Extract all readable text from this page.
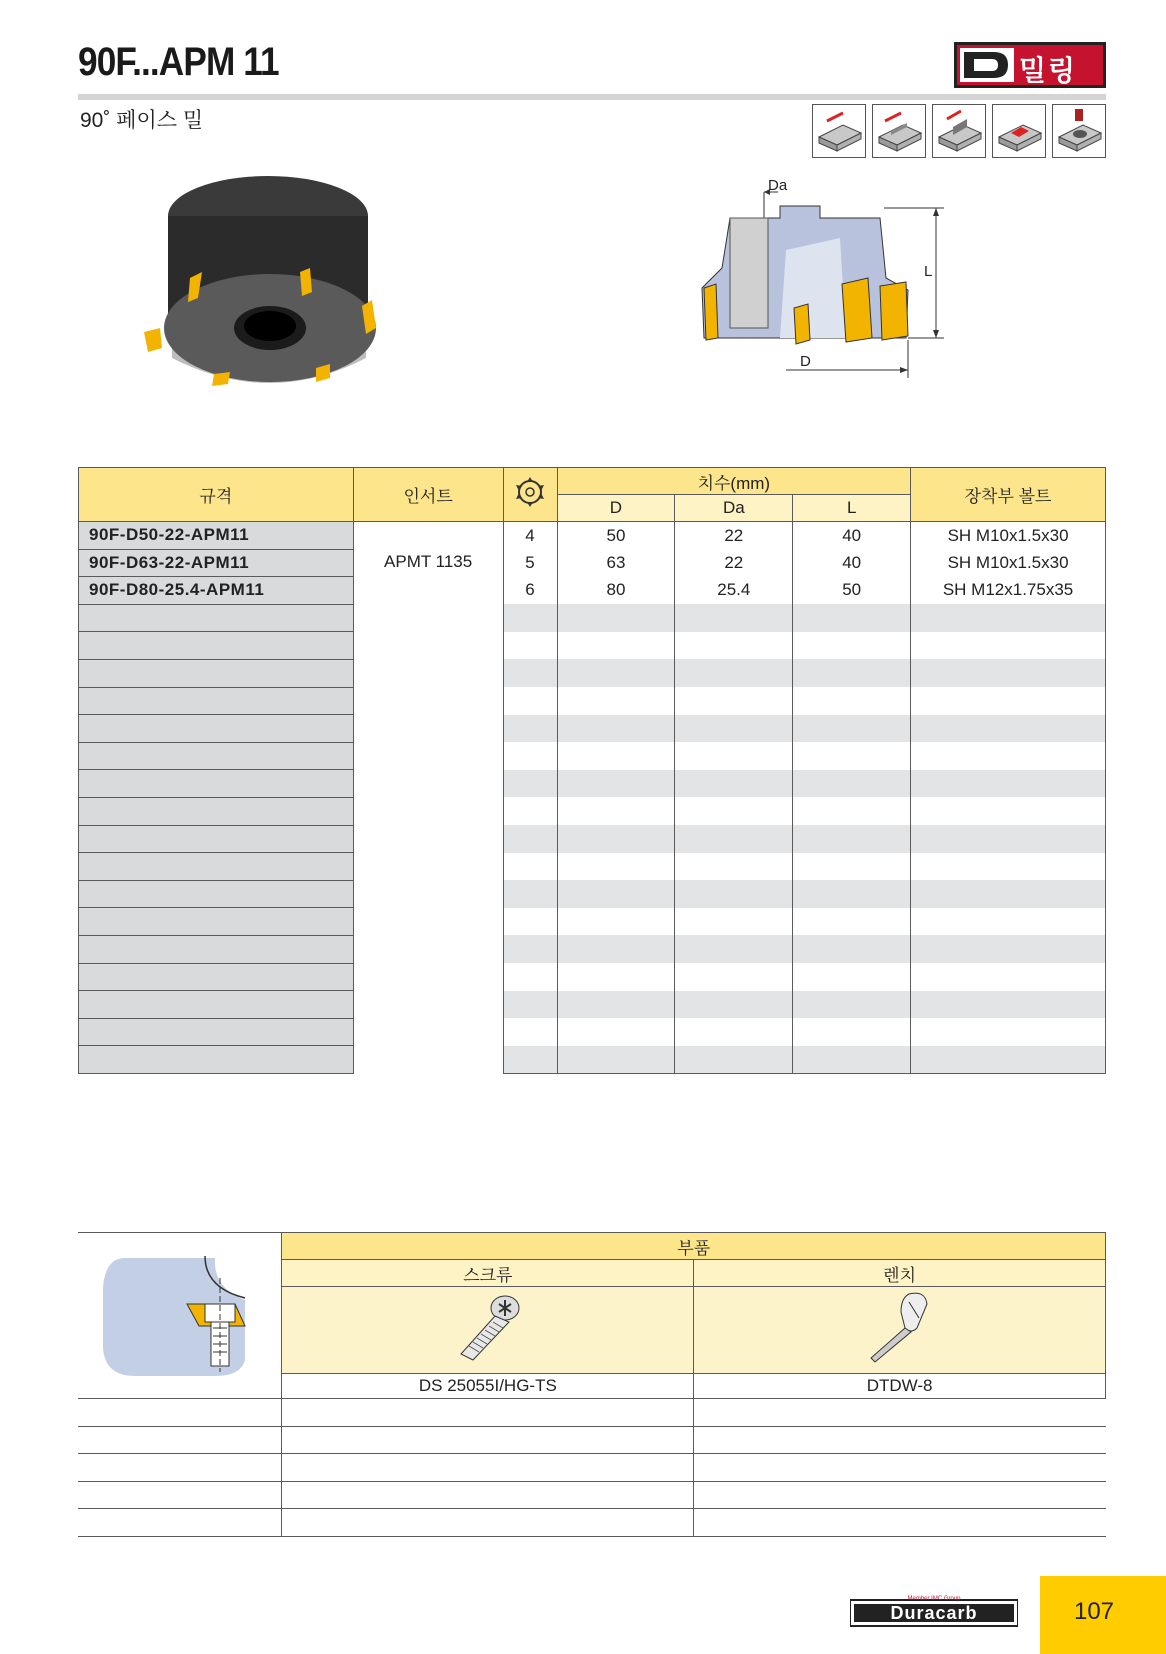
90F...APM 11
90˚ 페이스 밀
밀링
Da
L
D
규격	인서트		치수(mm)			장착부 볼트
			D	Da	L	
90F-D50-22-APM11	APMT 1135	4	50	22	40	SH M10x1.5x30
90F-D63-22-APM11		5	63	22	40	SH M10x1.5x30
90F-D80-25.4-APM11		6	80	25.4	50	SH M12x1.75x35

	부품	
	스크류	렌치

	DS 25055I/HG-TS	DTDW-8

Duracarb
Member IMC Group	107
